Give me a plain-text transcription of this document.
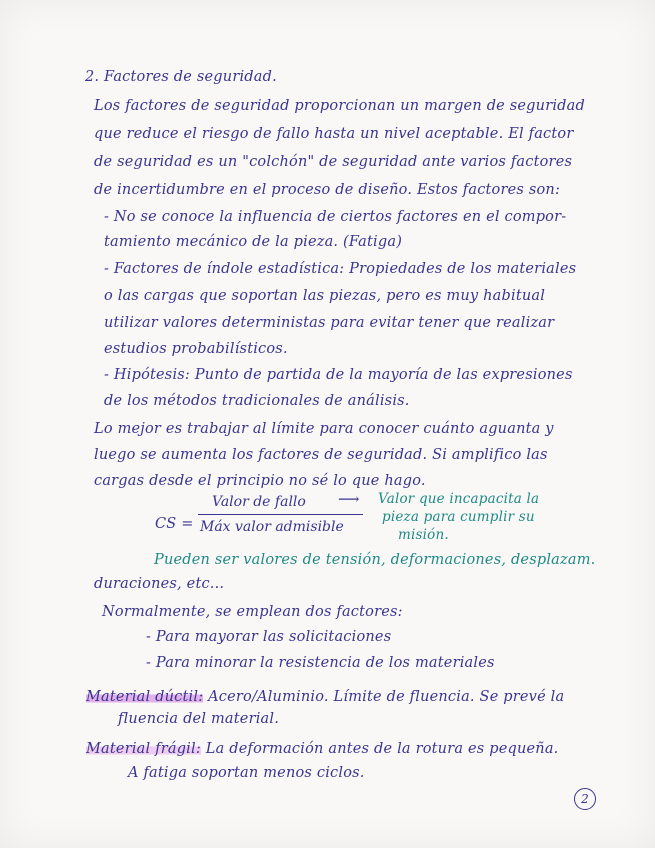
2. Factores de seguridad.
Los factores de seguridad proporcionan un margen de seguridad
que reduce el riesgo de fallo hasta un nivel aceptable. El factor
de seguridad es un "colchón" de seguridad ante varios factores
de incertidumbre en el proceso de diseño. Estos factores son:
- No se conoce la influencia de ciertos factores en el compor-
tamiento mecánico de la pieza. (Fatiga)
- Factores de índole estadística: Propiedades de los materiales
o las cargas que soportan las piezas, pero es muy habitual
utilizar valores deterministas para evitar tener que realizar
estudios probabilísticos.
- Hipótesis: Punto de partida de la mayoría de las expresiones
de los métodos tradicionales de análisis.
Lo mejor es trabajar al límite para conocer cuánto aguanta y
luego se aumenta los factores de seguridad. Si amplifico las
cargas desde el principio no sé lo que hago.
CS =
Valor de fallo
Máx valor admisible
⟶ Valor que incapacita la
pieza para cumplir su
misión.
Pueden ser valores de tensión, deformaciones, desplazam.
duraciones, etc...
Normalmente, se emplean dos factores:
- Para mayorar las solicitaciones
- Para minorar la resistencia de los materiales
Material dúctil: Acero/Aluminio. Límite de fluencia. Se prevé la
fluencia del material.
Material frágil: La deformación antes de la rotura es pequeña.
A fatiga soportan menos ciclos.
2
